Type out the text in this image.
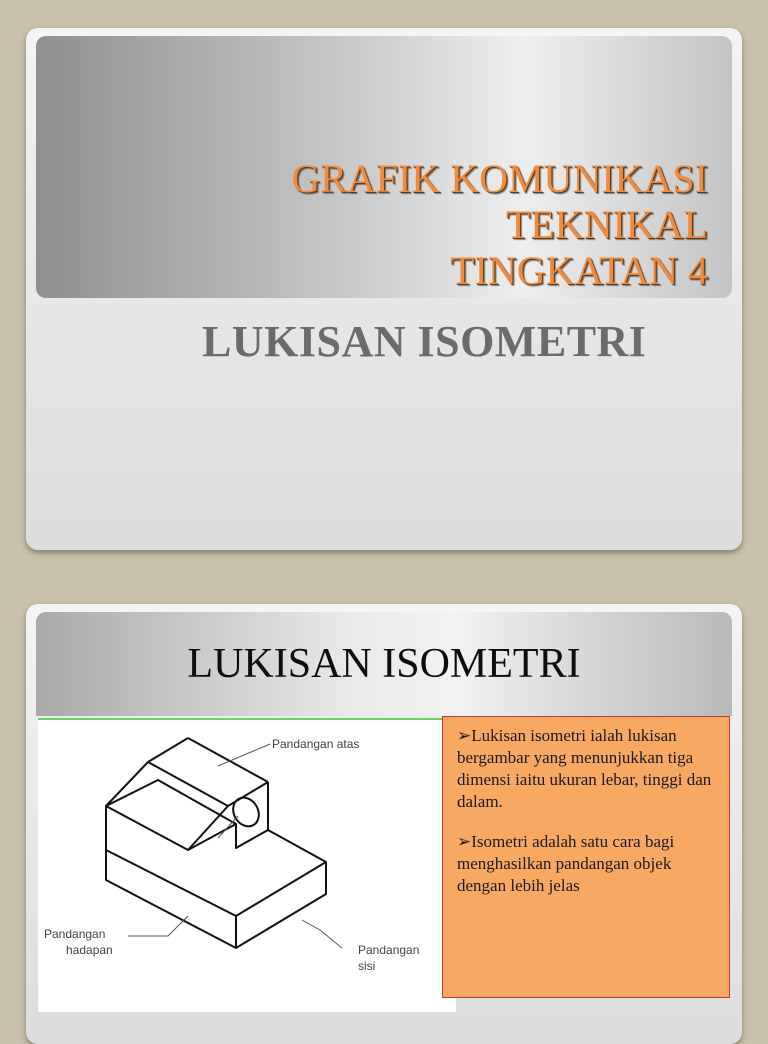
GRAFIK KOMUNIKASI
TEKNIKAL
TINGKATAN 4
LUKISAN ISOMETRI
LUKISAN ISOMETRI
Pandangan atas
Pandangan
hadapan	Pandangan
sisi

➢Lukisan isometri ialah lukisan bergambar yang menunjukkan tiga dimensi iaitu ukuran lebar, tinggi dan dalam.

➢Isometri adalah satu cara bagi menghasilkan pandangan objek dengan lebih jelas
